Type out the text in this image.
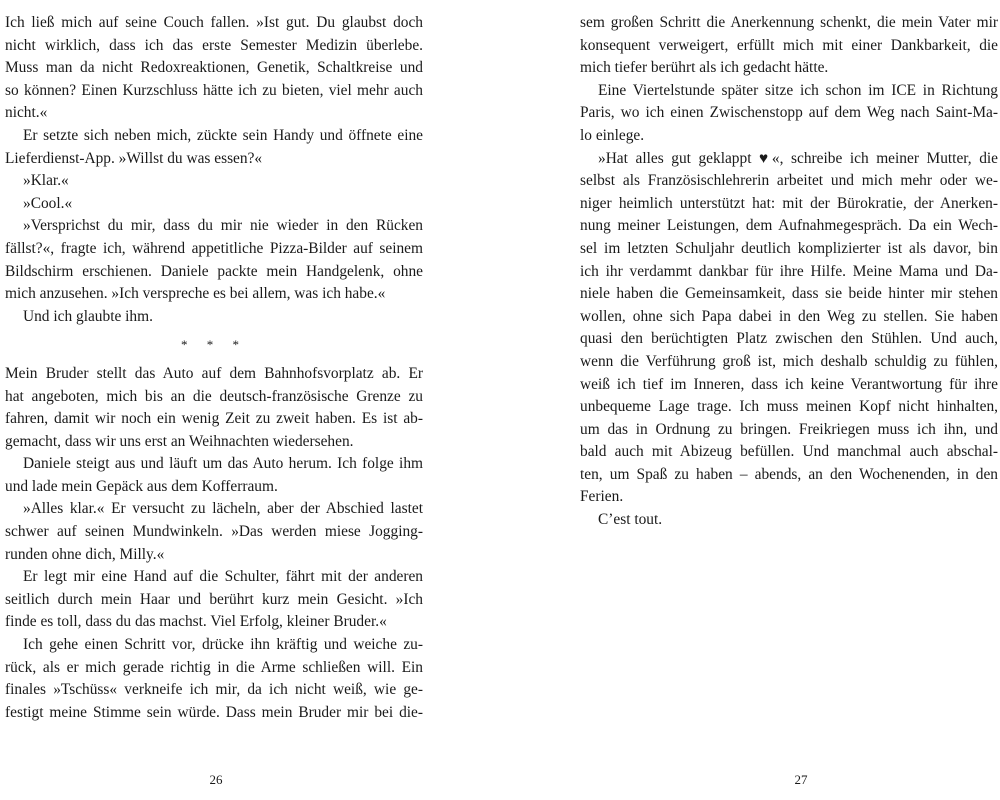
Ich ließ mich auf seine Couch fallen. »Ist gut. Du glaubst doch
nicht wirklich, dass ich das erste Semester Medizin überlebe.
Muss man da nicht Redoxreaktionen, Genetik, Schaltkreise und
so können? Einen Kurzschluss hätte ich zu bieten, viel mehr auch
nicht.«
Er setzte sich neben mich, zückte sein Handy und öffnete eine
Lieferdienst-App. »Willst du was essen?«
»Klar.«
»Cool.«
»Versprichst du mir, dass du mir nie wieder in den Rücken
fällst?«, fragte ich, während appetitliche Pizza-Bilder auf seinem
Bildschirm erschienen. Daniele packte mein Handgelenk, ohne
mich anzusehen. »Ich verspreche es bei allem, was ich habe.«
Und ich glaubte ihm.
* * *
Mein Bruder stellt das Auto auf dem Bahnhofsvorplatz ab. Er
hat angeboten, mich bis an die deutsch-französische Grenze zu
fahren, damit wir noch ein wenig Zeit zu zweit haben. Es ist ab-
gemacht, dass wir uns erst an Weihnachten wiedersehen.
Daniele steigt aus und läuft um das Auto herum. Ich folge ihm
und lade mein Gepäck aus dem Kofferraum.
»Alles klar.« Er versucht zu lächeln, aber der Abschied lastet
schwer auf seinen Mundwinkeln. »Das werden miese Jogging-
runden ohne dich, Milly.«
Er legt mir eine Hand auf die Schulter, fährt mit der anderen
seitlich durch mein Haar und berührt kurz mein Gesicht. »Ich
finde es toll, dass du das machst. Viel Erfolg, kleiner Bruder.«
Ich gehe einen Schritt vor, drücke ihn kräftig und weiche zu-
rück, als er mich gerade richtig in die Arme schließen will. Ein
finales »Tschüss« verkneife ich mir, da ich nicht weiß, wie ge-
festigt meine Stimme sein würde. Dass mein Bruder mir bei die-
26
sem großen Schritt die Anerkennung schenkt, die mein Vater mir
konsequent verweigert, erfüllt mich mit einer Dankbarkeit, die
mich tiefer berührt als ich gedacht hätte.
Eine Viertelstunde später sitze ich schon im ICE in Richtung
Paris, wo ich einen Zwischenstopp auf dem Weg nach Saint-Ma-
lo einlege.
»Hat alles gut geklappt ♥«, schreibe ich meiner Mutter, die
selbst als Französischlehrerin arbeitet und mich mehr oder we-
niger heimlich unterstützt hat: mit der Bürokratie, der Anerken-
nung meiner Leistungen, dem Aufnahmegespräch. Da ein Wech-
sel im letzten Schuljahr deutlich komplizierter ist als davor, bin
ich ihr verdammt dankbar für ihre Hilfe. Meine Mama und Da-
niele haben die Gemeinsamkeit, dass sie beide hinter mir stehen
wollen, ohne sich Papa dabei in den Weg zu stellen. Sie haben
quasi den berüchtigten Platz zwischen den Stühlen. Und auch,
wenn die Verführung groß ist, mich deshalb schuldig zu fühlen,
weiß ich tief im Inneren, dass ich keine Verantwortung für ihre
unbequeme Lage trage. Ich muss meinen Kopf nicht hinhalten,
um das in Ordnung zu bringen. Freikriegen muss ich ihn, und
bald auch mit Abizeug befüllen. Und manchmal auch abschal-
ten, um Spaß zu haben – abends, an den Wochenenden, in den
Ferien.
C’est tout.
27
